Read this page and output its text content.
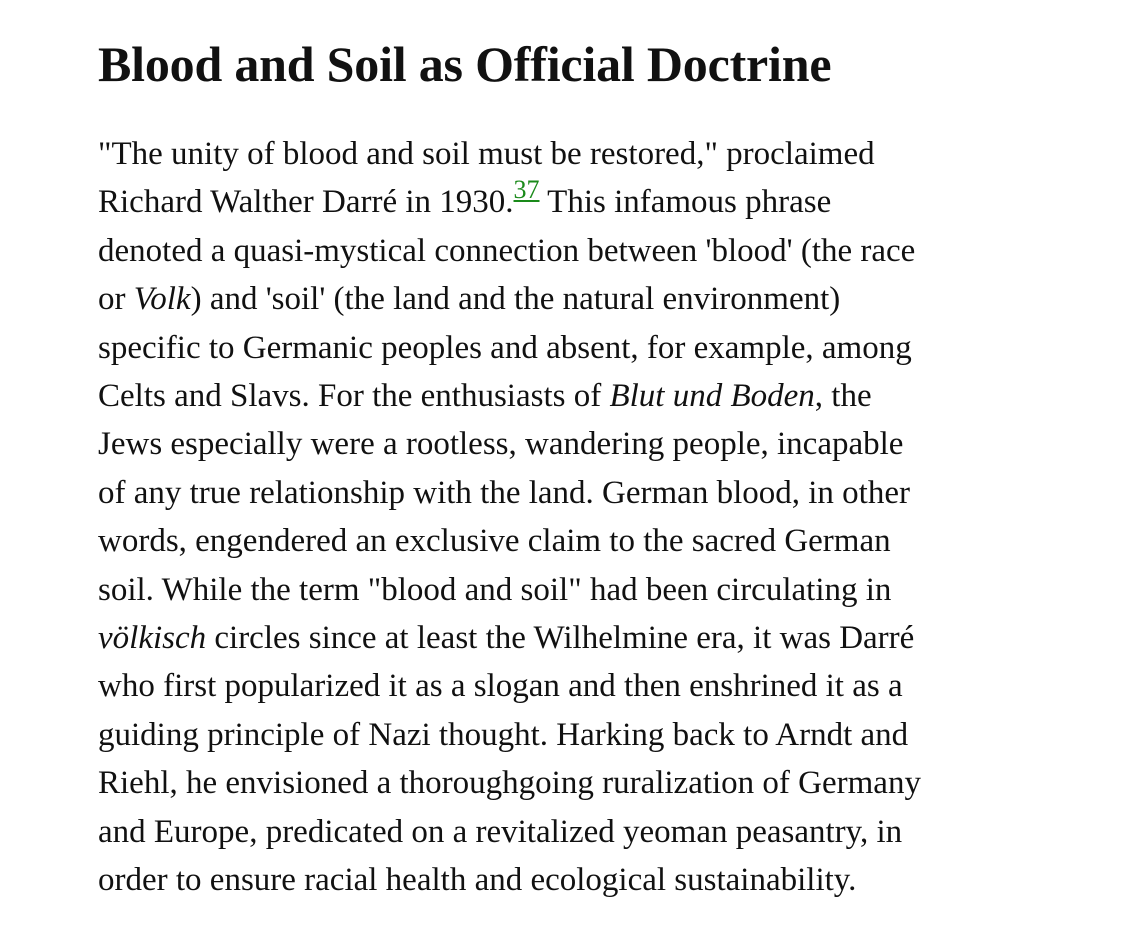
Blood and Soil as Official Doctrine

"The unity of blood and soil must be restored," proclaimed
Richard Walther Darré in 1930.37 This infamous phrase
denoted a quasi-mystical connection between 'blood' (the race
or Volk) and 'soil' (the land and the natural environment)
specific to Germanic peoples and absent, for example, among
Celts and Slavs. For the enthusiasts of Blut und Boden, the
Jews especially were a rootless, wandering people, incapable
of any true relationship with the land. German blood, in other
words, engendered an exclusive claim to the sacred German
soil. While the term "blood and soil" had been circulating in
völkisch circles since at least the Wilhelmine era, it was Darré
who first popularized it as a slogan and then enshrined it as a
guiding principle of Nazi thought. Harking back to Arndt and
Riehl, he envisioned a thoroughgoing ruralization of Germany
and Europe, predicated on a revitalized yeoman peasantry, in
order to ensure racial health and ecological sustainability.
